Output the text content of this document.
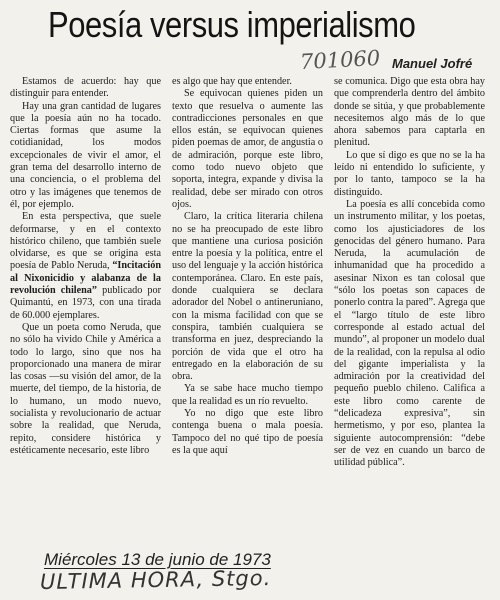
Poesía versus imperialismo
701060 Manuel Jofré

Estamos de acuerdo: hay que distinguir para entender.

Hay una gran cantidad de lugares que la poesía aún no ha tocado. Ciertas formas que asume la cotidianidad, los modos excepcionales de vivir el amor, el gran tema del desarrollo interno de una conciencia, o el problema del otro y las imágenes que tenemos de él, por ejemplo.

En esta perspectiva, que suele deformarse, y en el contexto histórico chileno, que también suele olvidarse, es que se origina esta poesía de Pablo Neruda, “Incitación al Nixonicidio y alabanza de la revolución chilena” publicado por Quimantú, en 1973, con una tirada de 60.000 ejemplares.

Que un poeta como Neruda, que no sólo ha vivido Chile y América a todo lo largo, sino que nos ha proporcionado una manera de mirar las cosas —su visión del amor, de la muerte, del tiempo, de la historia, de lo humano, un modo nuevo, socialista y revolucionario de actuar sobre la realidad, que Neruda, repito, considere histórica y estéticamente necesario, este libro

es algo que hay que entender.

Se equivocan quienes piden un texto que resuelva o aumente las contradicciones personales en que ellos están, se equivocan quienes piden poemas de amor, de angustia o de admiración, porque este libro, como todo nuevo objeto que soporta, integra, expande y divisa la realidad, debe ser mirado con otros ojos.

Claro, la crítica literaria chilena no se ha preocupado de este libro que mantiene una curiosa posición entre la poesía y la política, entre el uso del lenguaje y la acción histórica contemporánea. Claro. En este país, donde cualquiera se declara adorador del Nobel o antineruniano, con la misma facilidad con que se conspira, también cualquiera se transforma en juez, despreciando la porción de vida que el otro ha entregado en la elaboración de su obra.

Ya se sabe hace mucho tiempo que la realidad es un río revuelto.

Yo no digo que este libro contenga buena o mala poesía. Tampoco del no qué tipo de poesía es la que aquí

se comunica. Digo que esta obra hay que comprenderla dentro del ámbito donde se sitúa, y que probablemente necesitemos algo más de lo que ahora sabemos para captarla en plenitud.

Lo que sí digo es que no se la ha leído ni entendido lo suficiente, y por lo tanto, tampoco se la ha distinguido.

La poesía es allí concebida como un instrumento militar, y los poetas, como los ajusticiadores de los genocidas del género humano. Para Neruda, la acumulación de inhumanidad que ha procedido a asesinar Nixon es tan colosal que “sólo los poetas son capaces de ponerlo contra la pared”. Agrega que el “largo título de este libro corresponde al estado actual del mundo”, al proponer un modelo dual de la realidad, con la repulsa al odio del gigante imperialista y la admiración por la creatividad del pequeño pueblo chileno. Califica a este libro como carente de “delicadeza expresiva”, sin hermetismo, y por eso, plantea la siguiente autocomprensión: “debe ser de vez en cuando un barco de utilidad pública”.

Miércoles 13 de junio de 1973
ULTIMA HORA, Stgo.
